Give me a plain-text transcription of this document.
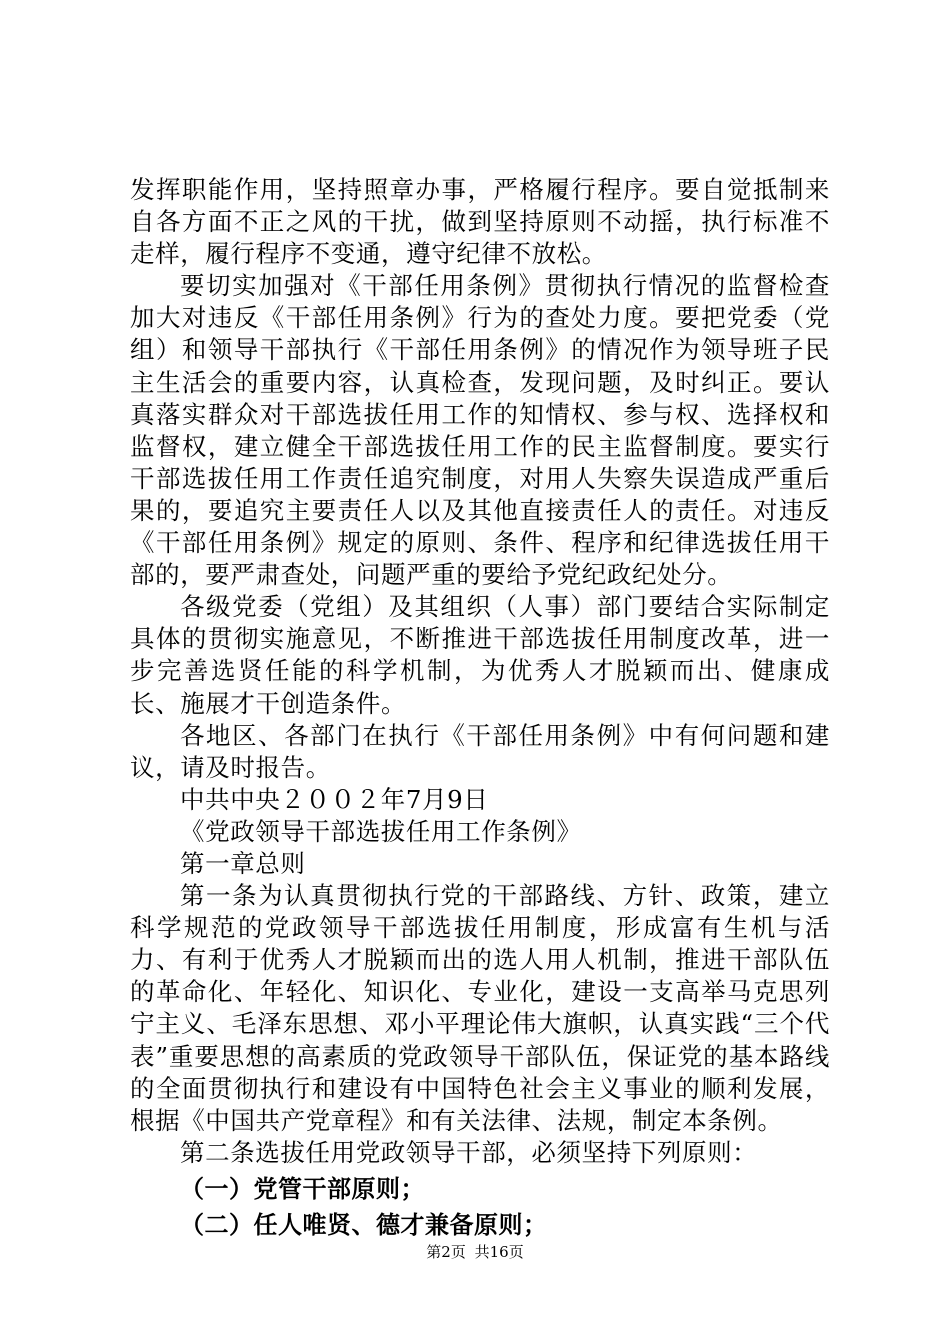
发挥职能作用，坚持照章办事，严格履行程序。要自觉抵制来自各方面不正之风的干扰，做到坚持原则不动摇，执行标准不走样，履行程序不变通，遵守纪律不放松。

要切实加强对《干部任用条例》贯彻执行情况的监督检查加大对违反《干部任用条例》行为的查处力度。要把党委（党组）和领导干部执行《干部任用条例》的情况作为领导班子民主生活会的重要内容，认真检查，发现问题，及时纠正。要认真落实群众对干部选拔任用工作的知情权、参与权、选择权和监督权，建立健全干部选拔任用工作的民主监督制度。要实行干部选拔任用工作责任追究制度，对用人失察失误造成严重后果的，要追究主要责任人以及其他直接责任人的责任。对违反《干部任用条例》规定的原则、条件、程序和纪律选拔任用干部的，要严肃查处，问题严重的要给予党纪政纪处分。

各级党委（党组）及其组织（人事）部门要结合实际制定具体的贯彻实施意见，不断推进干部选拔任用制度改革，进一步完善选贤任能的科学机制，为优秀人才脱颖而出、健康成长、施展才干创造条件。

各地区、各部门在执行《干部任用条例》中有何问题和建议，请及时报告。

中共中央２００２年7月9日

《党政领导干部选拔任用工作条例》

第一章总则

第一条为认真贯彻执行党的干部路线、方针、政策，建立科学规范的党政领导干部选拔任用制度，形成富有生机与活力、有利于优秀人才脱颖而出的选人用人机制，推进干部队伍的革命化、年轻化、知识化、专业化，建设一支高举马克思列宁主义、毛泽东思想、邓小平理论伟大旗帜，认真实践“三个代表”重要思想的高素质的党政领导干部队伍，保证党的基本路线的全面贯彻执行和建设有中国特色社会主义事业的顺利发展，根据《中国共产党章程》和有关法律、法规，制定本条例。

第二条选拔任用党政领导干部，必须坚持下列原则：

（一）党管干部原则；

（二）任人唯贤、德才兼备原则；

第2页 共16页
